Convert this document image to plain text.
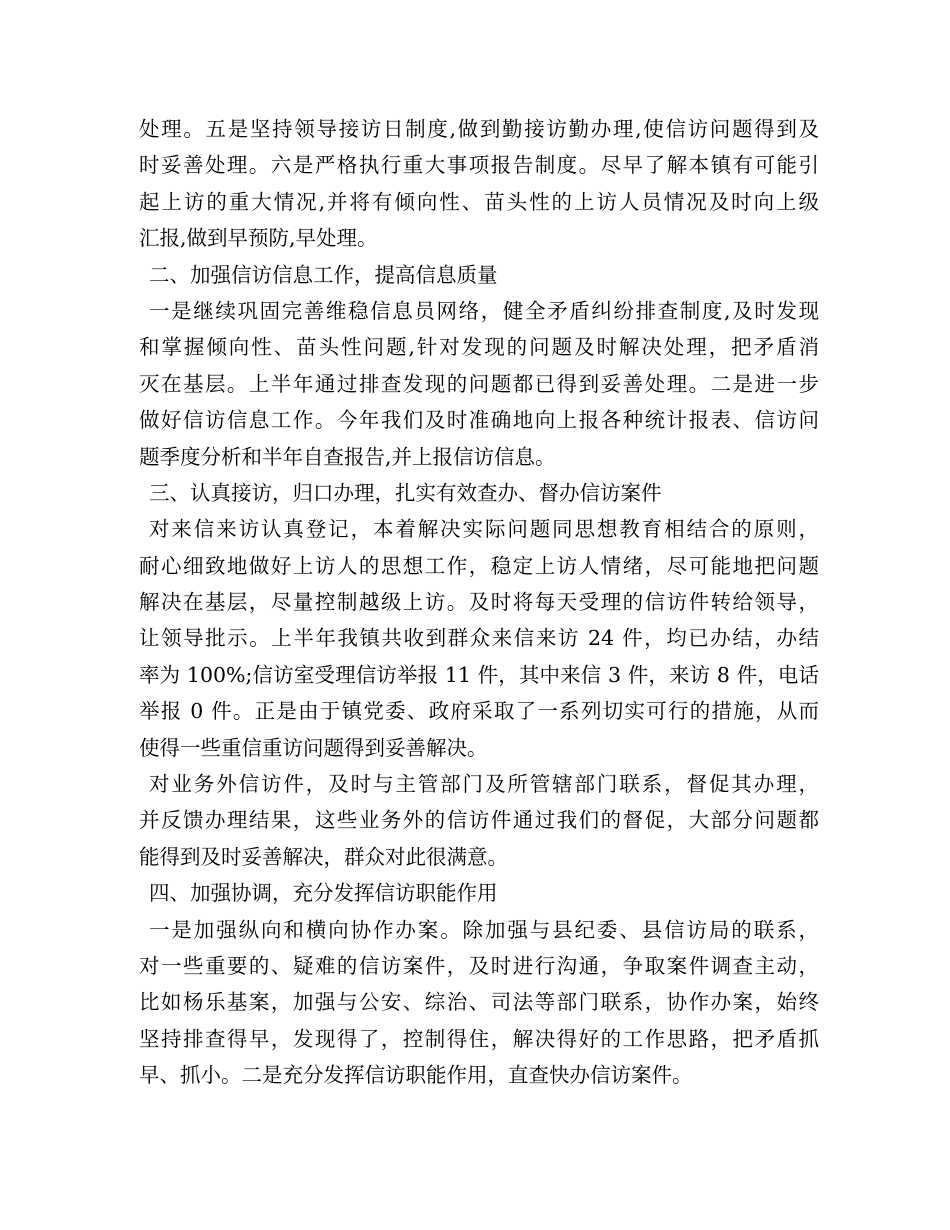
处理。五是坚持领导接访日制度,做到勤接访勤办理,使信访问题得到及
时妥善处理。六是严格执行重大事项报告制度。尽早了解本镇有可能引
起上访的重大情况,并将有倾向性、苗头性的上访人员情况及时向上级
汇报,做到早预防,早处理。
二、加强信访信息工作，提高信息质量
一是继续巩固完善维稳信息员网络，健全矛盾纠纷排查制度,及时发现
和掌握倾向性、苗头性问题,针对发现的问题及时解决处理，把矛盾消
灭在基层。上半年通过排查发现的问题都已得到妥善处理。二是进一步
做好信访信息工作。今年我们及时准确地向上报各种统计报表、信访问
题季度分析和半年自查报告,并上报信访信息。
三、认真接访，归口办理，扎实有效查办、督办信访案件
对来信来访认真登记，本着解决实际问题同思想教育相结合的原则，
耐心细致地做好上访人的思想工作，稳定上访人情绪，尽可能地把问题
解决在基层，尽量控制越级上访。及时将每天受理的信访件转给领导，
让领导批示。上半年我镇共收到群众来信来访 24 件，均已办结，办结
率为 100%;信访室受理信访举报 11 件，其中来信 3 件，来访 8 件，电话
举报 0 件。正是由于镇党委、政府采取了一系列切实可行的措施，从而
使得一些重信重访问题得到妥善解决。
对业务外信访件，及时与主管部门及所管辖部门联系，督促其办理，
并反馈办理结果，这些业务外的信访件通过我们的督促，大部分问题都
能得到及时妥善解决，群众对此很满意。
四、加强协调，充分发挥信访职能作用
一是加强纵向和横向协作办案。除加强与县纪委、县信访局的联系，
对一些重要的、疑难的信访案件，及时进行沟通，争取案件调查主动，
比如杨乐基案，加强与公安、综治、司法等部门联系，协作办案，始终
坚持排查得早，发现得了，控制得住，解决得好的工作思路，把矛盾抓
早、抓小。二是充分发挥信访职能作用，直查快办信访案件。
